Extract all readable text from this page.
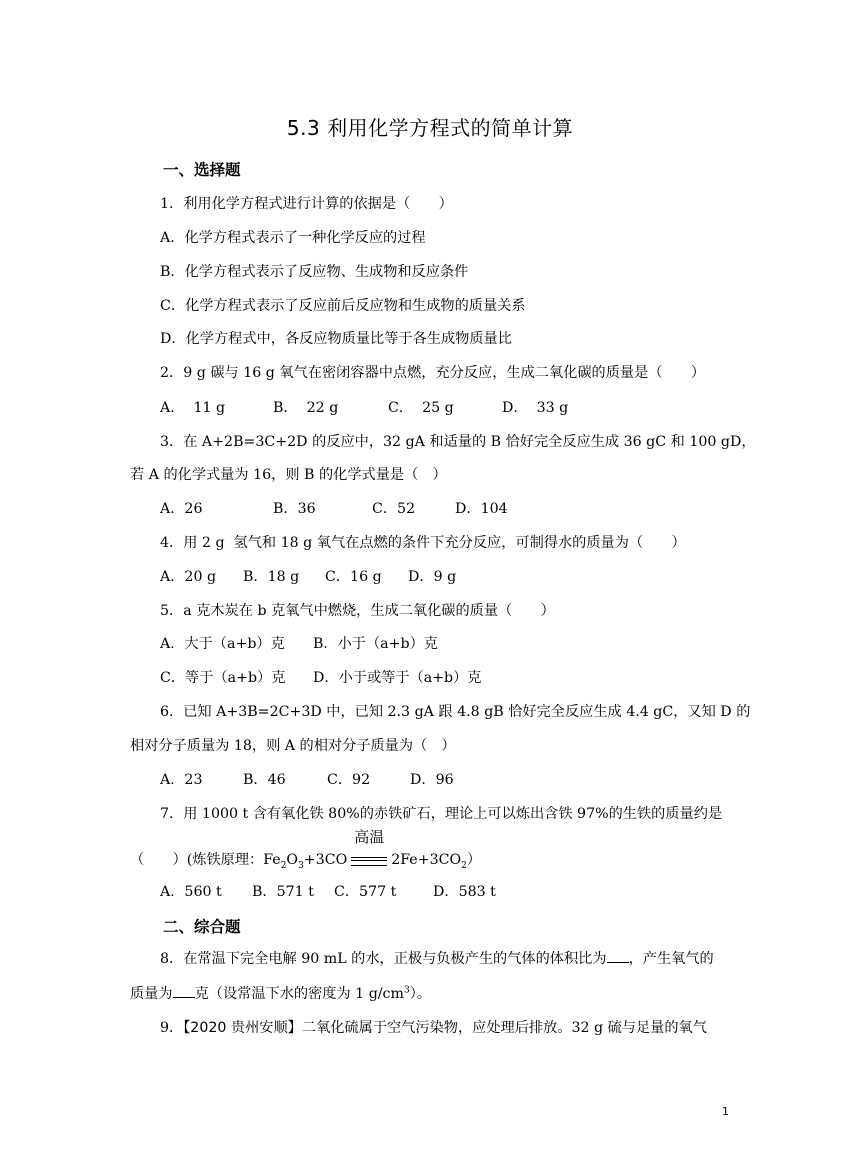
5.3 利用化学方程式的简单计算
一、选择题
1．利用化学方程式进行计算的依据是（　　）
A．化学方程式表示了一种化学反应的过程
B．化学方程式表示了反应物、生成物和反应条件
C．化学方程式表示了反应前后反应物和生成物的质量关系
D．化学方程式中，各反应物质量比等于各生成物质量比
2．9 g 碳与 16 g 氧气在密闭容器中点燃，充分反应，生成二氧化碳的质量是（　　）
A．  11 g	B．  22 g	C．  25 g	D．  33 g
3．在 A+2B=3C+2D 的反应中，32 gA 和适量的 B 恰好完全反应生成 36 gC 和 100 gD，
若 A 的化学式量为 16，则 B 的化学式量是（　）
A．26	B．36	C．52	D．104
4．用 2 g  氢气和 18 g 氧气在点燃的条件下充分反应，可制得水的质量为（　　）
A．20 g B．18 g C．16 g D．9 g
5．a 克木炭在 b 克氧气中燃烧，生成二氧化碳的质量（　　）
A．大于（a+b）克 B．小于（a+b）克
C．等于（a+b）克 D．小于或等于（a+b）克
6．已知 A+3B=2C+3D 中，已知 2.3 gA 跟 4.8 gB 恰好完全反应生成 4.4 gC，又知 D 的
相对分子质量为 18，则 A 的相对分子质量为（　）
A．23	B．46	C．92	D．96
7．用 1000 t 含有氧化铁 80%的赤铁矿石，理论上可以炼出含铁 97%的生铁的质量约是
（　　）(炼铁原理：$Fe_2O_3+3CO$
高温
$2Fe+3CO_2$）
A．560 t B．571 t C．577 t	D．583 t
二、综合题
8．在常温下完全电解 90 mL 的水，正极与负极产生的气体的体积比为 ，产生氧气的
质量为 克（设常温下水的密度为 1 $g/cm^3$）。
9．【2020 贵州安顺】二氧化硫属于空气污染物，应处理后排放。32 g 硫与足量的氧气
1
